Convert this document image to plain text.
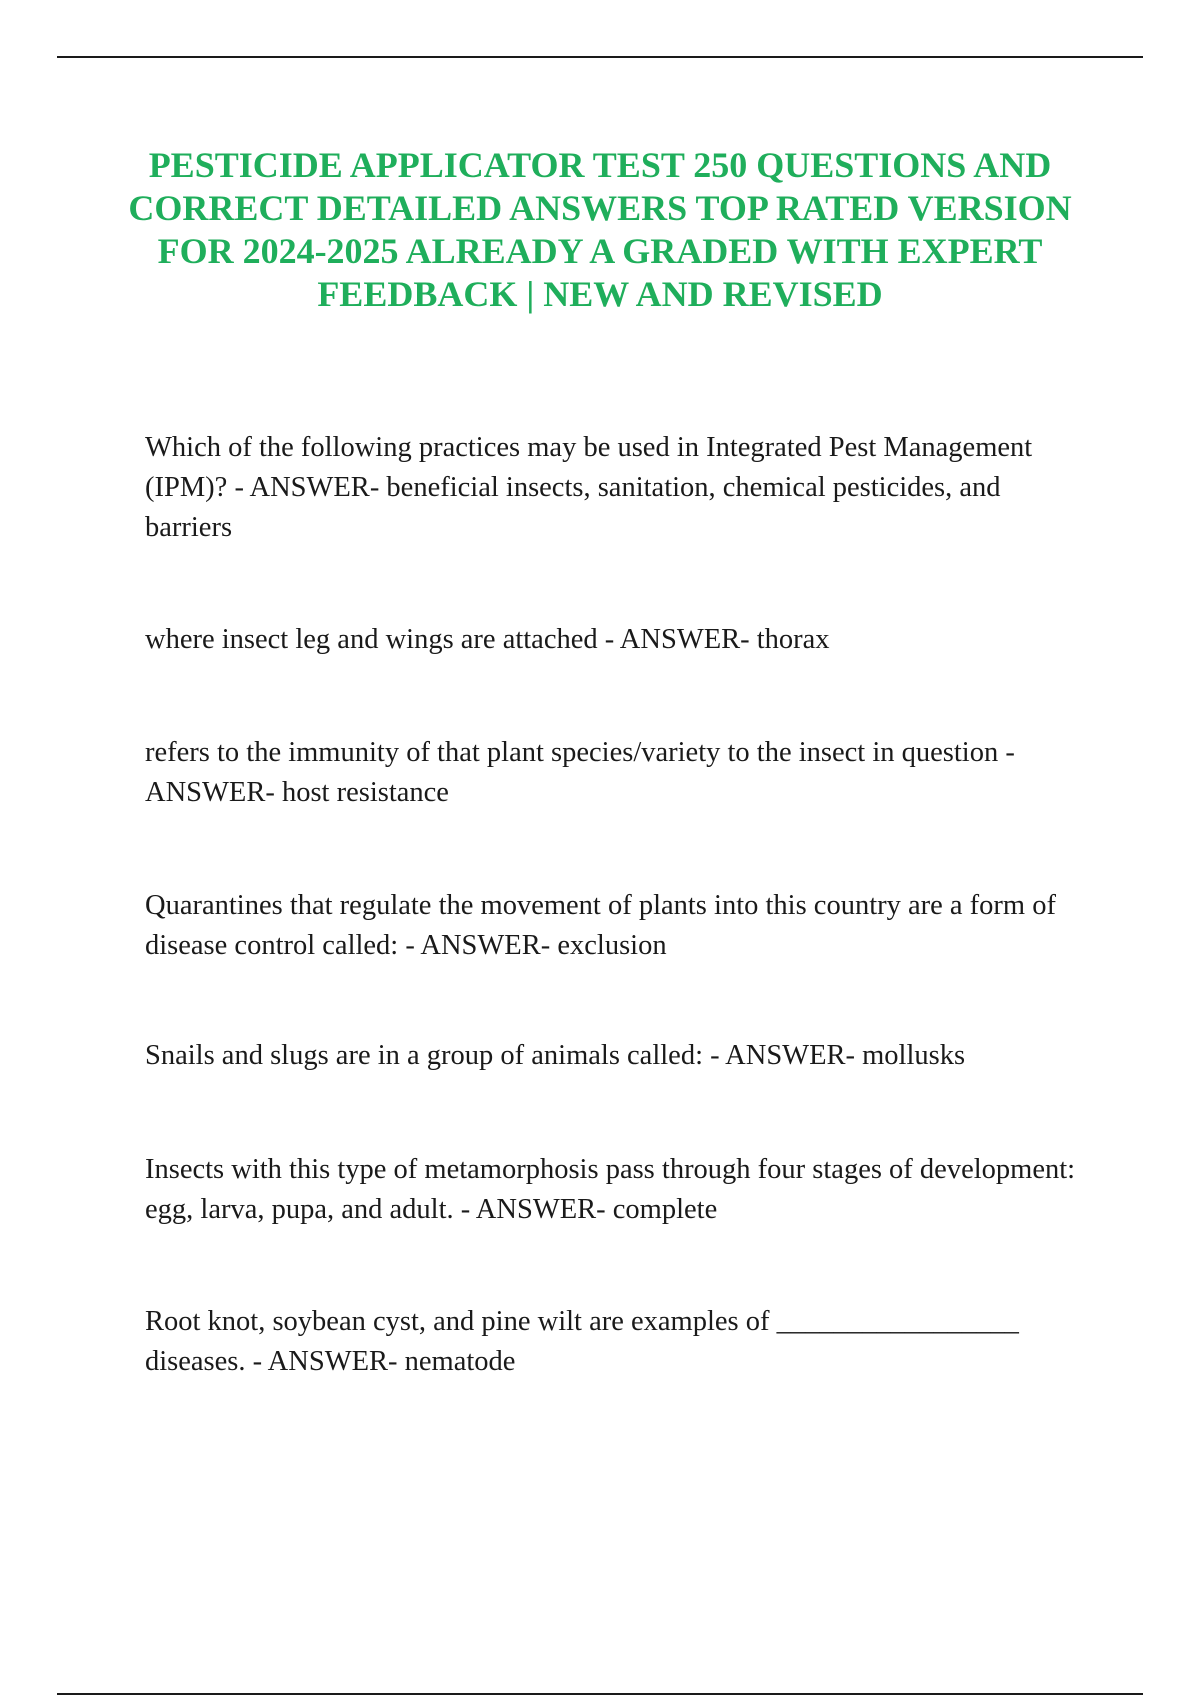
PESTICIDE APPLICATOR TEST 250 QUESTIONS AND CORRECT DETAILED ANSWERS TOP RATED VERSION FOR 2024-2025 ALREADY A GRADED WITH EXPERT FEEDBACK | NEW AND REVISED
Which of the following practices may be used in Integrated Pest Management (IPM)? - ANSWER- beneficial insects, sanitation, chemical pesticides, and barriers
where insect leg and wings are attached - ANSWER- thorax
refers to the immunity of that plant species/variety to the insect in question - ANSWER- host resistance
Quarantines that regulate the movement of plants into this country are a form of disease control called: - ANSWER- exclusion
Snails and slugs are in a group of animals called: - ANSWER- mollusks
Insects with this type of metamorphosis pass through four stages of development: egg, larva, pupa, and adult. - ANSWER- complete
Root knot, soybean cyst, and pine wilt are examples of _________________ diseases. - ANSWER- nematode
